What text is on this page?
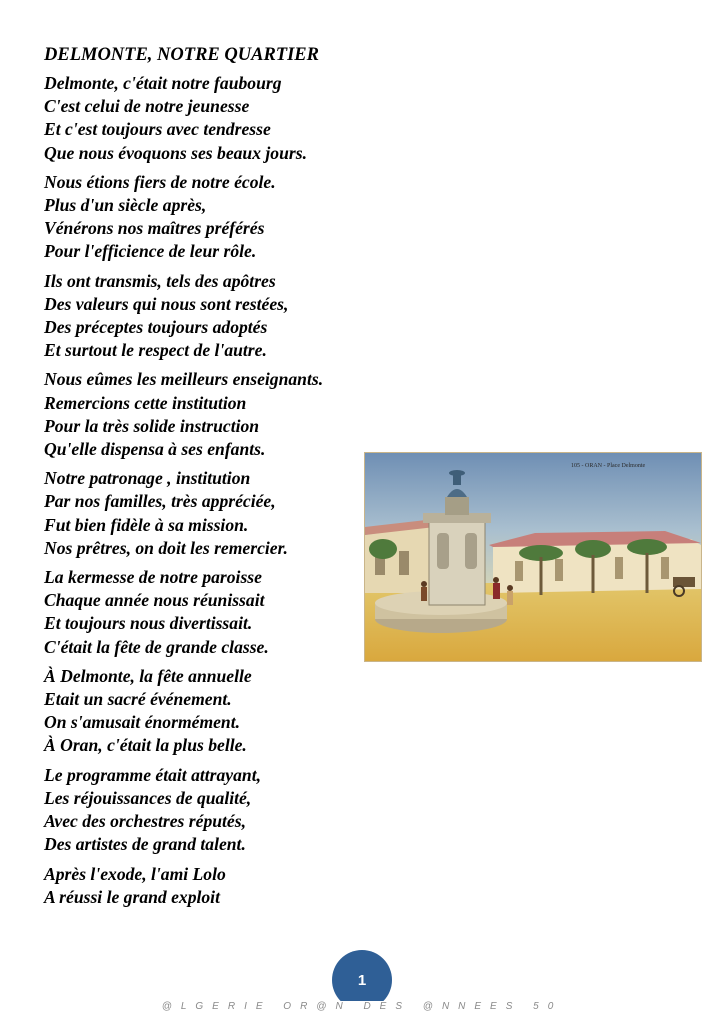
DELMONTE, NOTRE QUARTIER
Delmonte, c'était notre faubourg
C'est celui de notre jeunesse
Et c'est toujours avec tendresse
Que nous évoquons ses beaux jours.
Nous étions fiers de notre école.
Plus d'un siècle après,
Vénérons nos maîtres préférés
Pour l'efficience de leur rôle.
Ils ont transmis, tels des apôtres
Des valeurs qui nous sont restées,
Des préceptes toujours adoptés
Et surtout le respect de l'autre.
Nous eûmes les meilleurs enseignants.
Remercions cette institution
Pour la très solide instruction
Qu'elle dispensa à ses enfants.
Notre patronage , institution
Par nos familles, très appréciée,
Fut bien fidèle à sa mission.
Nos prêtres, on doit les remercier.
La kermesse de notre paroisse
Chaque année nous réunissait
Et toujours nous divertissait.
C'était la fête de grande classe.
À Delmonte, la fête annuelle
Etait un sacré événement.
On s'amusait énormément.
À Oran, c'était la plus belle.
Le programme était attrayant,
Les réjouissances de qualité,
Avec des orchestres réputés,
Des artistes de grand talent.
Après l'exode, l'ami Lolo
A réussi le grand exploit
105 - ORAN - Place Delmonte
1
@LGERIE OR@N DES @NNEES 50
